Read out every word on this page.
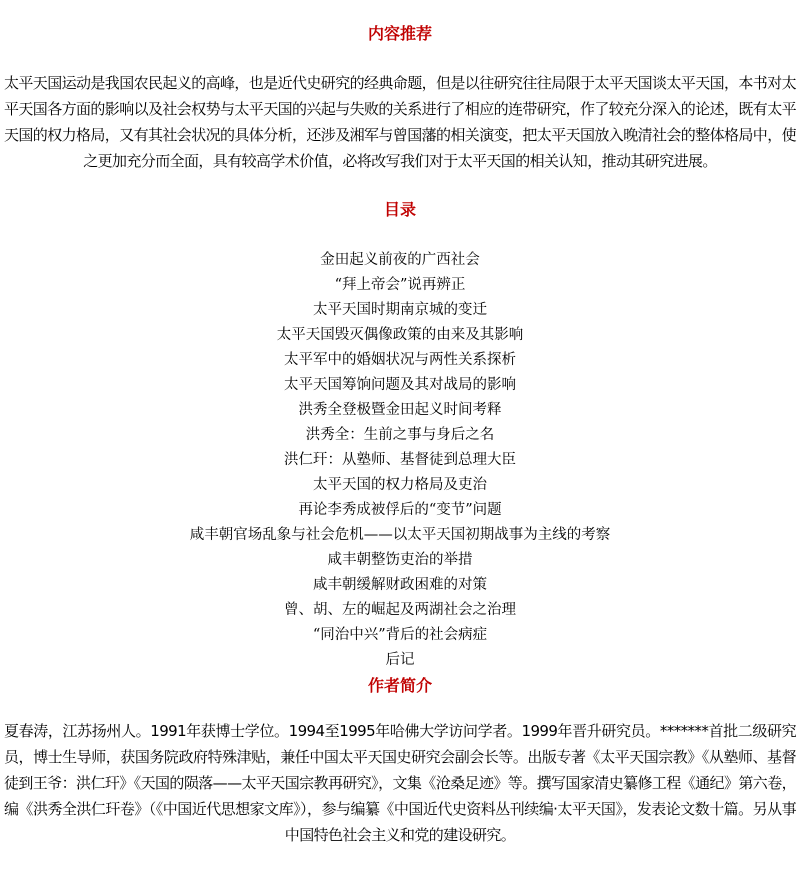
内容推荐
太平天国运动是我国农民起义的高峰，也是近代史研究的经典命题，但是以往研究往往局限于太平天国谈太平天国，本书对太平天国各方面的影响以及社会权势与太平天国的兴起与失败的关系进行了相应的连带研究，作了较充分深入的论述，既有太平天国的权力格局，又有其社会状况的具体分析，还涉及湘军与曾国藩的相关演变，把太平天国放入晚清社会的整体格局中，使之更加充分而全面，具有较高学术价值，必将改写我们对于太平天国的相关认知，推动其研究进展。
目录
金田起义前夜的广西社会
“拜上帝会”说再辨正
太平天国时期南京城的变迁
太平天国毁灭偶像政策的由来及其影响
太平军中的婚姻状况与两性关系探析
太平天国筹饷问题及其对战局的影响
洪秀全登极暨金田起义时间考释
洪秀全：生前之事与身后之名
洪仁玕：从塾师、基督徒到总理大臣
太平天国的权力格局及吏治
再论李秀成被俘后的“变节”问题
咸丰朝官场乱象与社会危机——以太平天国初期战事为主线的考察
咸丰朝整饬吏治的举措
咸丰朝缓解财政困难的对策
曾、胡、左的崛起及两湖社会之治理
“同治中兴”背后的社会病症
后记
作者简介
夏春涛，江苏扬州人。1991年获博士学位。1994至1995年哈佛大学访问学者。1999年晋升研究员。*******首批二级研究员，博士生导师，获国务院政府特殊津贴，兼任中国太平天国史研究会副会长等。出版专著《太平天国宗教》《从塾师、基督徒到王爷：洪仁玕》《天国的陨落——太平天国宗教再研究》，文集《沧桑足迹》等。撰写国家清史纂修工程《通纪》第六卷，编《洪秀全洪仁玕卷》（《中国近代思想家文库》），参与编纂《中国近代史资料丛刊续编·太平天国》，发表论文数十篇。另从事中国特色社会主义和党的建设研究。
